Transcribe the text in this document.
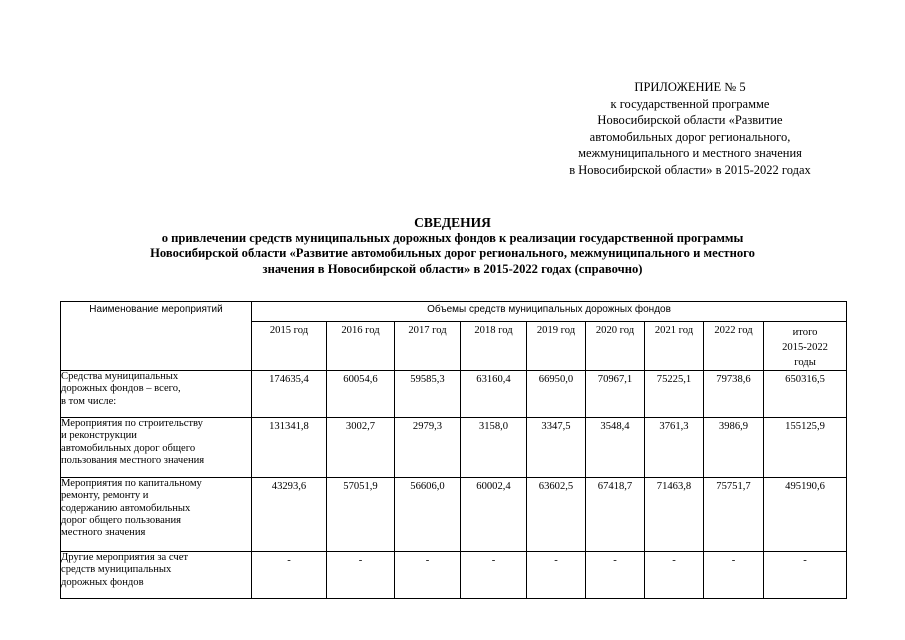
ПРИЛОЖЕНИЕ № 5
к государственной программе
Новосибирской области «Развитие
автомобильных дорог регионального,
межмуниципального и местного значения
в Новосибирской области» в 2015-2022 годах
СВЕДЕНИЯ
о привлечении средств муниципальных дорожных фондов к реализации государственной программы
Новосибирской области «Развитие автомобильных дорог регионального, межмуниципального и местного
значения в Новосибирской области» в 2015-2022 годах (справочно)
Наименование мероприятий	Объемы средств муниципальных дорожных фондов								
	2015 год	2016 год	2017 год	2018 год	2019 год	2020 год	2021 год	2022 год	итого
2015-2022
годы

Средства муниципальных
дорожных фондов – всего,
в том числе:	174635,4	60054,6	59585,3	63160,4	66950,0	70967,1	75225,1	79738,6	650316,5

Мероприятия по строительству
и реконструкции
автомобильных дорог общего
пользования местного значения	131341,8	3002,7	2979,3	3158,0	3347,5	3548,4	3761,3	3986,9	155125,9

Мероприятия по капитальному
ремонту, ремонту и
содержанию автомобильных
дорог общего пользования
местного значения	43293,6	57051,9	56606,0	60002,4	63602,5	67418,7	71463,8	75751,7	495190,6

Другие мероприятия за счет
средств муниципальных
дорожных фондов	-	-	-	-	-	-	-	-	-
